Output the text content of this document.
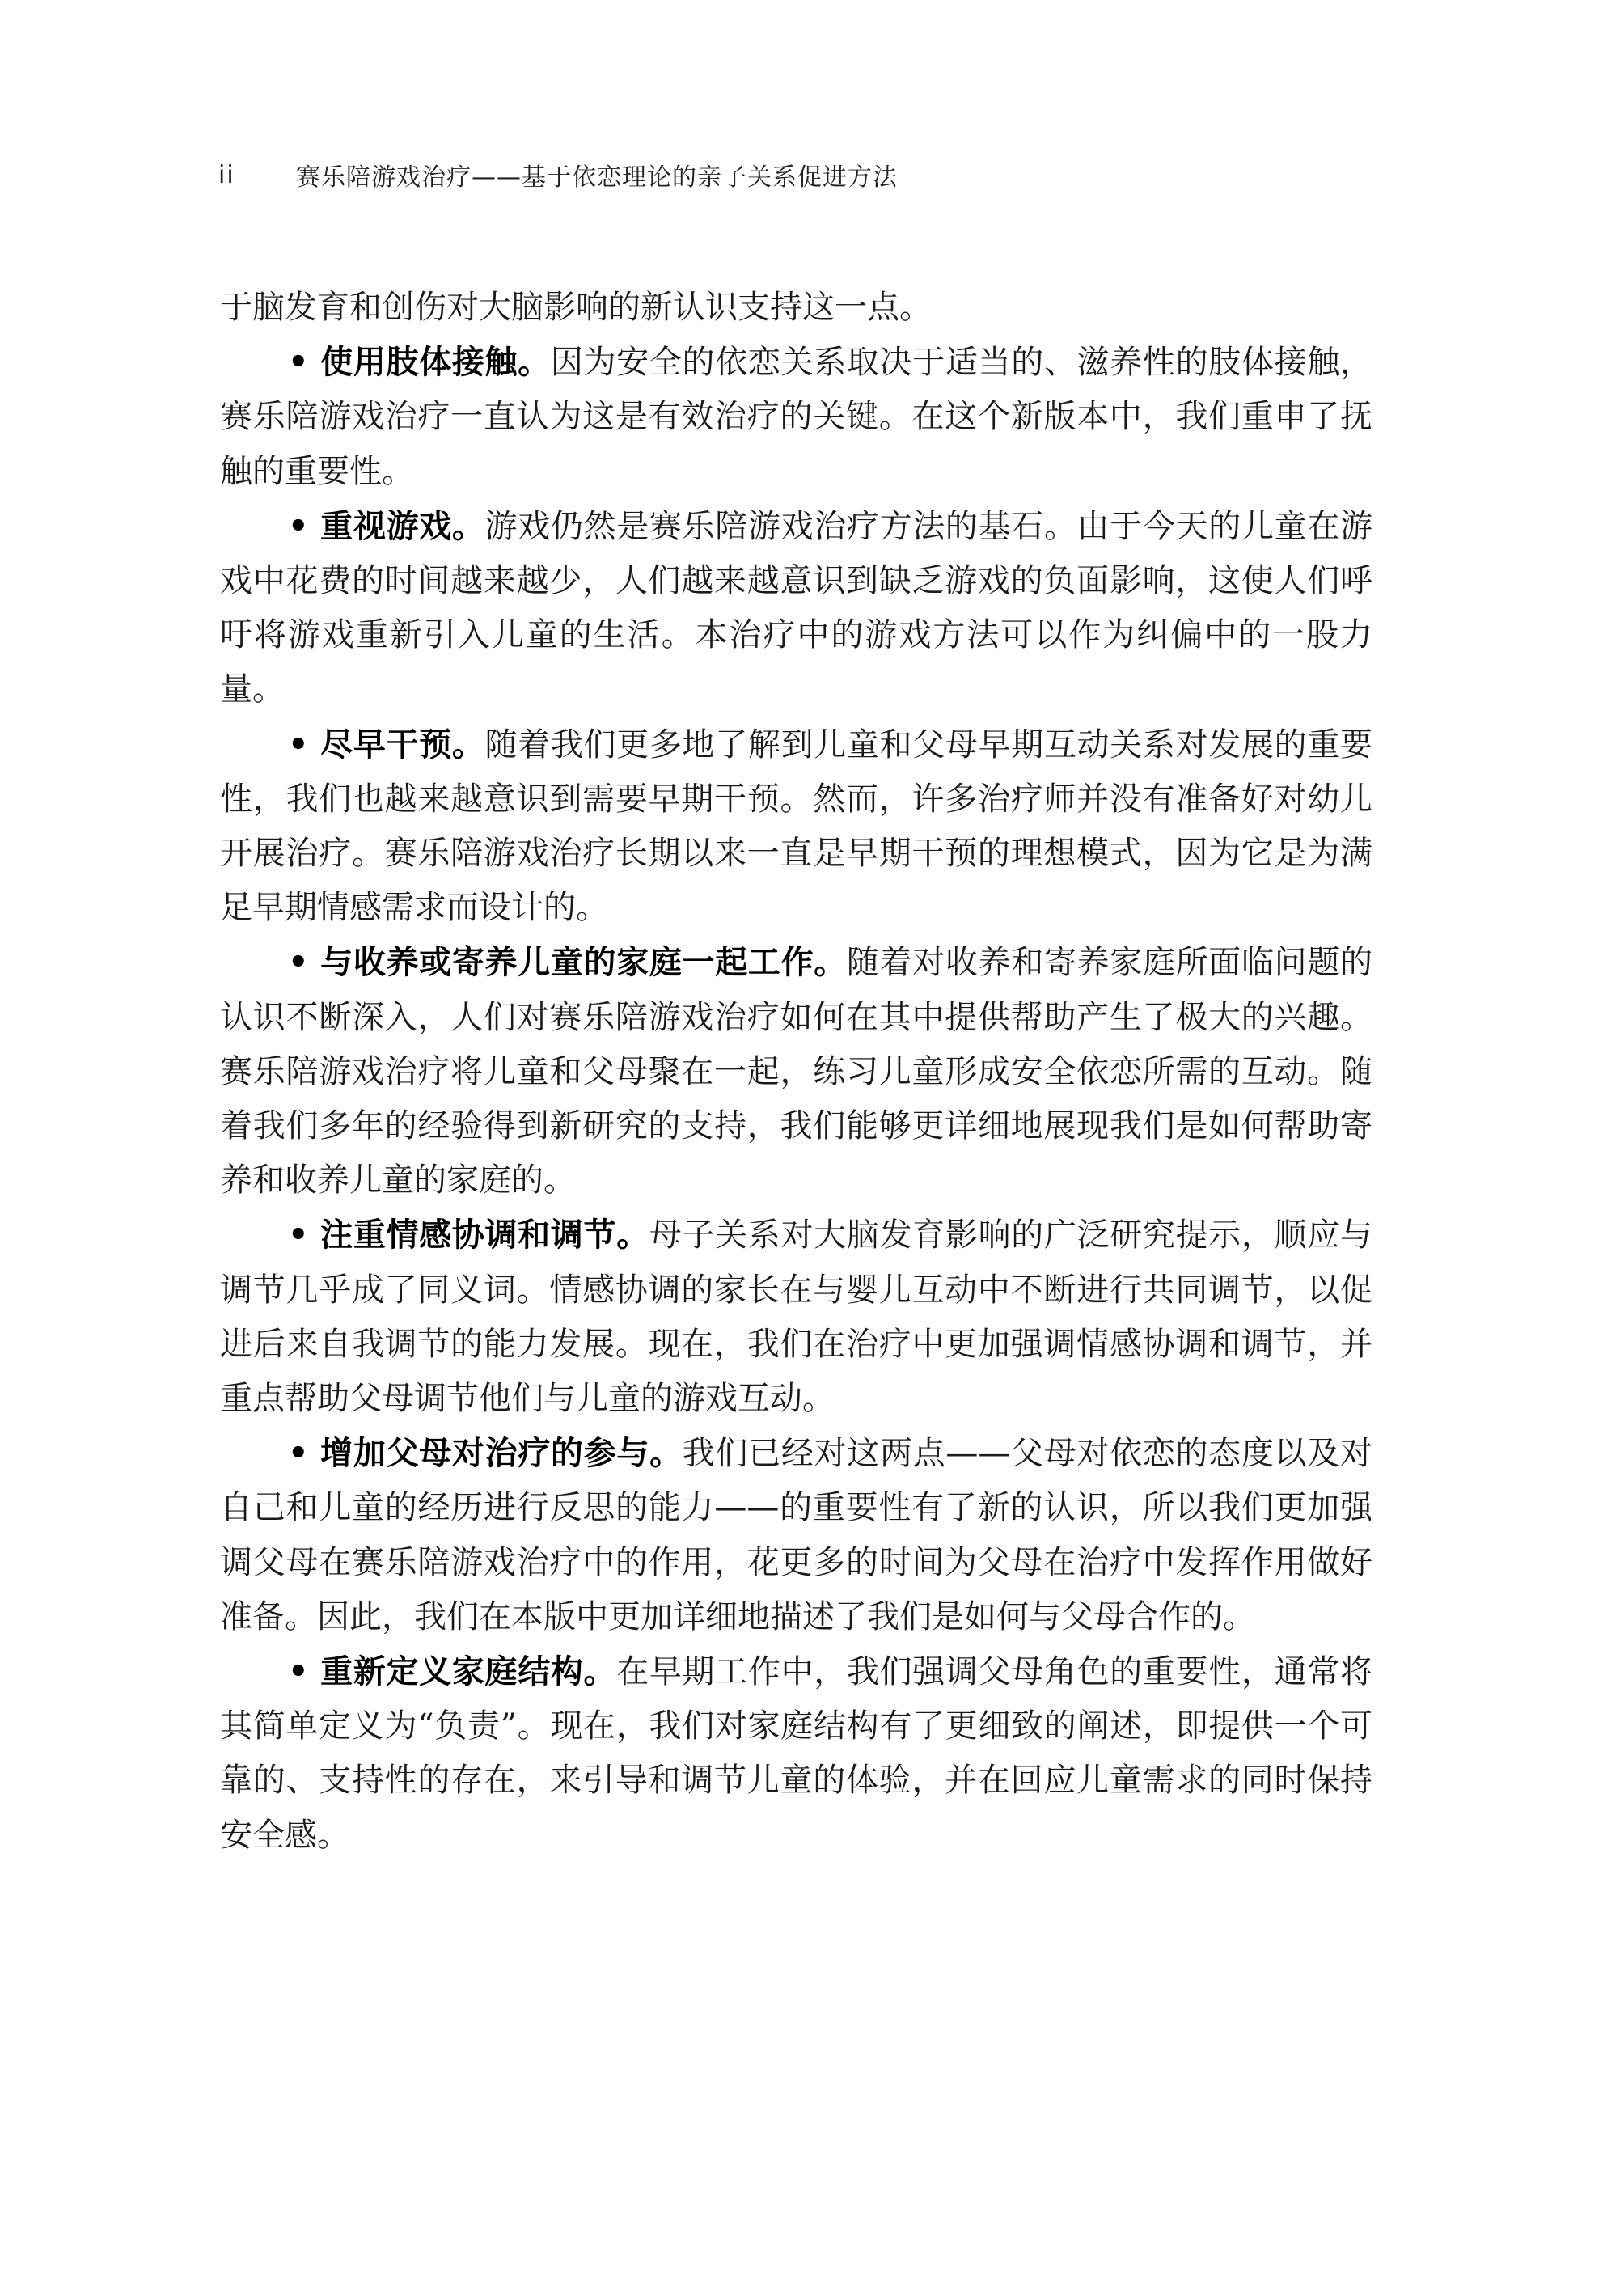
ii	赛乐陪游戏治疗——基于依恋理论的亲子关系促进方法

于脑发育和创伤对大脑影响的新认识支持这一点。

• 使用肢体接触。因为安全的依恋关系取决于适当的、滋养性的肢体接触，赛乐陪游戏治疗一直认为这是有效治疗的关键。在这个新版本中，我们重申了抚触的重要性。

• 重视游戏。游戏仍然是赛乐陪游戏治疗方法的基石。由于今天的儿童在游戏中花费的时间越来越少，人们越来越意识到缺乏游戏的负面影响，这使人们呼吁将游戏重新引入儿童的生活。本治疗中的游戏方法可以作为纠偏中的一股力量。

• 尽早干预。随着我们更多地了解到儿童和父母早期互动关系对发展的重要性，我们也越来越意识到需要早期干预。然而，许多治疗师并没有准备好对幼儿开展治疗。赛乐陪游戏治疗长期以来一直是早期干预的理想模式，因为它是为满足早期情感需求而设计的。

• 与收养或寄养儿童的家庭一起工作。随着对收养和寄养家庭所面临问题的认识不断深入，人们对赛乐陪游戏治疗如何在其中提供帮助产生了极大的兴趣。赛乐陪游戏治疗将儿童和父母聚在一起，练习儿童形成安全依恋所需的互动。随着我们多年的经验得到新研究的支持，我们能够更详细地展现我们是如何帮助寄养和收养儿童的家庭的。

• 注重情感协调和调节。母子关系对大脑发育影响的广泛研究提示，顺应与调节几乎成了同义词。情感协调的家长在与婴儿互动中不断进行共同调节，以促进后来自我调节的能力发展。现在，我们在治疗中更加强调情感协调和调节，并重点帮助父母调节他们与儿童的游戏互动。

• 增加父母对治疗的参与。我们已经对这两点——父母对依恋的态度以及对自己和儿童的经历进行反思的能力——的重要性有了新的认识，所以我们更加强调父母在赛乐陪游戏治疗中的作用，花更多的时间为父母在治疗中发挥作用做好准备。因此，我们在本版中更加详细地描述了我们是如何与父母合作的。

• 重新定义家庭结构。在早期工作中，我们强调父母角色的重要性，通常将其简单定义为“负责”。现在，我们对家庭结构有了更细致的阐述，即提供一个可靠的、支持性的存在，来引导和调节儿童的体验，并在回应儿童需求的同时保持安全感。
